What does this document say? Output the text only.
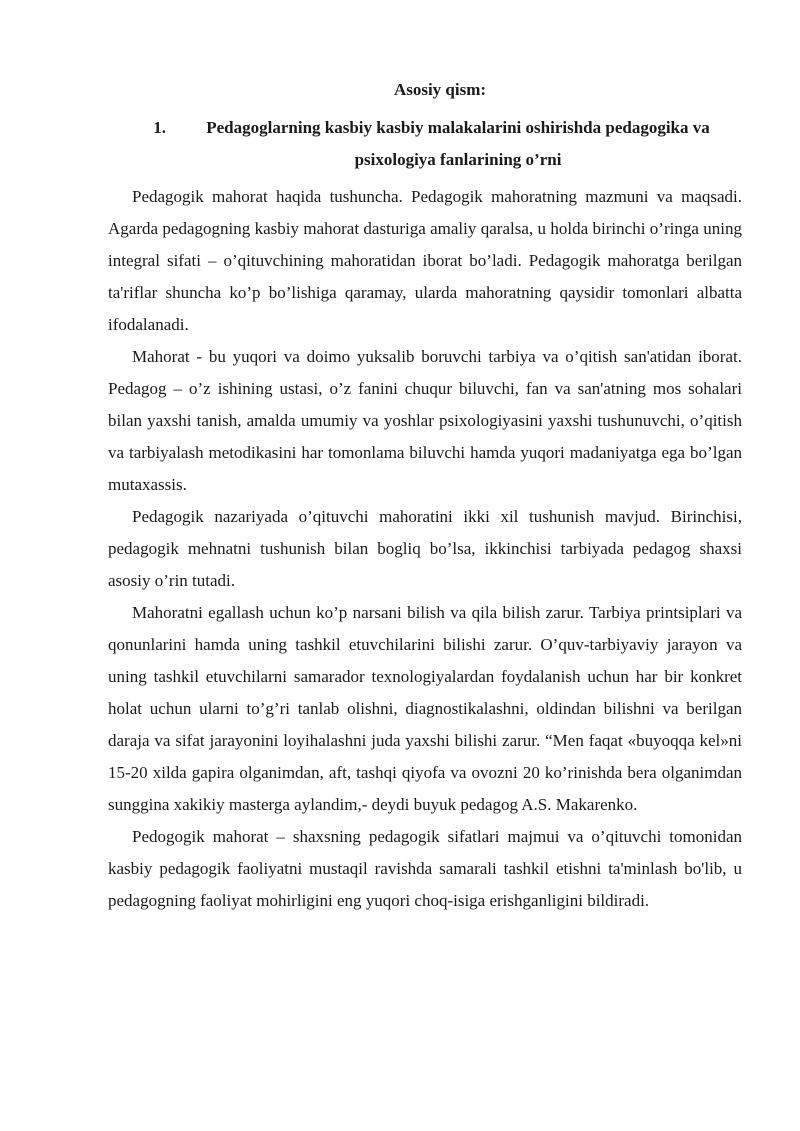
Asosiy qism:
1.	Pedagoglarning kasbiy kasbiy malakalarini oshirishda pedagogika va psixologiya fanlarining o’rni

Pedagogik mahorat haqida tushuncha. Pedagogik mahoratning mazmuni va maqsadi. Agarda pedagogning kasbiy mahorat dasturiga amaliy qaralsa, u holda birinchi o’ringa uning integral sifati – o’qituvchining mahoratidan iborat bo’ladi. Pedagogik mahoratga berilgan ta'riflar shuncha ko’p bo’lishiga qaramay, ularda mahoratning qaysidir tomonlari albatta ifodalanadi.

Mahorat - bu yuqori va doimo yuksalib boruvchi tarbiya va o’qitish san'atidan iborat. Pedagog – o’z ishining ustasi, o’z fanini chuqur biluvchi, fan va san'atning mos sohalari bilan yaxshi tanish, amalda umumiy va yoshlar psixologiyasini yaxshi tushunuvchi, o’qitish va tarbiyalash metodikasini har tomonlama biluvchi hamda yuqori madaniyatga ega bo’lgan mutaxassis.

Pedagogik nazariyada o’qituvchi mahoratini ikki xil tushunish mavjud. Birinchisi, pedagogik mehnatni tushunish bilan bogliq bo’lsa, ikkinchisi tarbiyada pedagog shaxsi asosiy o’rin tutadi.

Mahoratni egallash uchun ko’p narsani bilish va qila bilish zarur. Tarbiya printsiplari va qonunlarini hamda uning tashkil etuvchilarini bilishi zarur. O’quv-tarbiyaviy jarayon va uning tashkil etuvchilarni samarador texnologiyalardan foydalanish uchun har bir konkret holat uchun ularni to’g’ri tanlab olishni, diagnostikalashni, oldindan bilishni va berilgan daraja va sifat jarayonini loyihalashni juda yaxshi bilishi zarur. “Men faqat «buyoqqa kel»ni 15-20 xilda gapira olganimdan, aft, tashqi qiyofa va ovozni 20 ko’rinishda bera olganimdan sunggina xakikiy masterga aylandim,- deydi buyuk pedagog A.S. Makarenko.

Pedogogik mahorat – shaxsning pedagogik sifatlari majmui va o’qituvchi tomonidan kasbiy pedagogik faoliyatni mustaqil ravishda samarali tashkil etishni ta'minlash bo'lib, u pedagogning faoliyat mohirligini eng yuqori choq-isiga erishganligini bildiradi.
